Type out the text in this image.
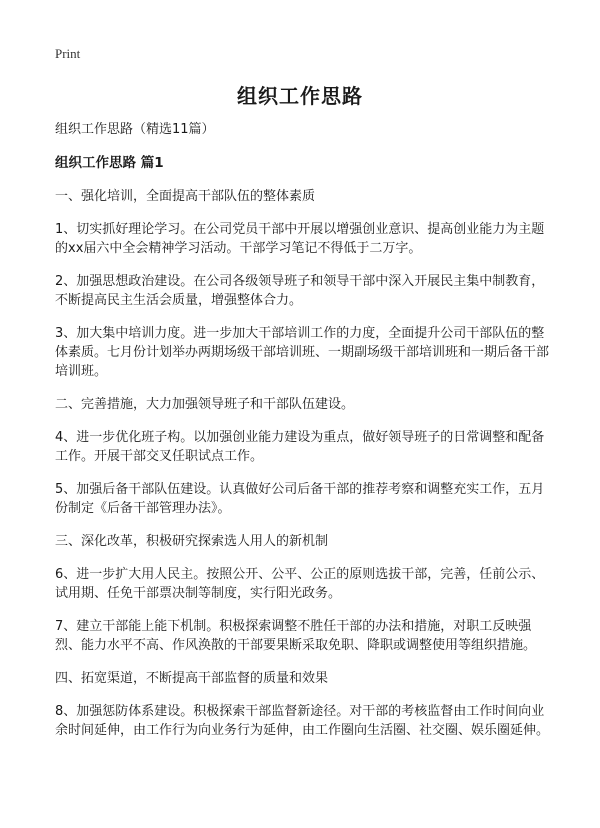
Print
组织工作思路

组织工作思路（精选11篇）

组织工作思路 篇1

一、强化培训，全面提高干部队伍的整体素质

1、切实抓好理论学习。在公司党员干部中开展以增强创业意识、提高创业能力为主题的xx届六中全会精神学习活动。干部学习笔记不得低于二万字。

2、加强思想政治建设。在公司各级领导班子和领导干部中深入开展民主集中制教育，不断提高民主生活会质量，增强整体合力。

3、加大集中培训力度。进一步加大干部培训工作的力度，全面提升公司干部队伍的整体素质。七月份计划举办两期场级干部培训班、一期副场级干部培训班和一期后备干部培训班。

二、完善措施，大力加强领导班子和干部队伍建设。

4、进一步优化班子构。以加强创业能力建设为重点，做好领导班子的日常调整和配备工作。开展干部交叉任职试点工作。

5、加强后备干部队伍建设。认真做好公司后备干部的推荐考察和调整充实工作，五月份制定《后备干部管理办法》。

三、深化改革，积极研究探索选人用人的新机制

6、进一步扩大用人民主。按照公开、公平、公正的原则选拔干部，完善，任前公示、试用期、任免干部票决制等制度，实行阳光政务。

7、建立干部能上能下机制。积极探索调整不胜任干部的办法和措施，对职工反映强烈、能力水平不高、作风涣散的干部要果断采取免职、降职或调整使用等组织措施。

四、拓宽渠道，不断提高干部监督的质量和效果

8、加强惩防体系建设。积极探索干部监督新途径。对干部的考核监督由工作时间向业余时间延伸，由工作行为向业务行为延伸，由工作圈向生活圈、社交圈、娱乐圈延伸。
